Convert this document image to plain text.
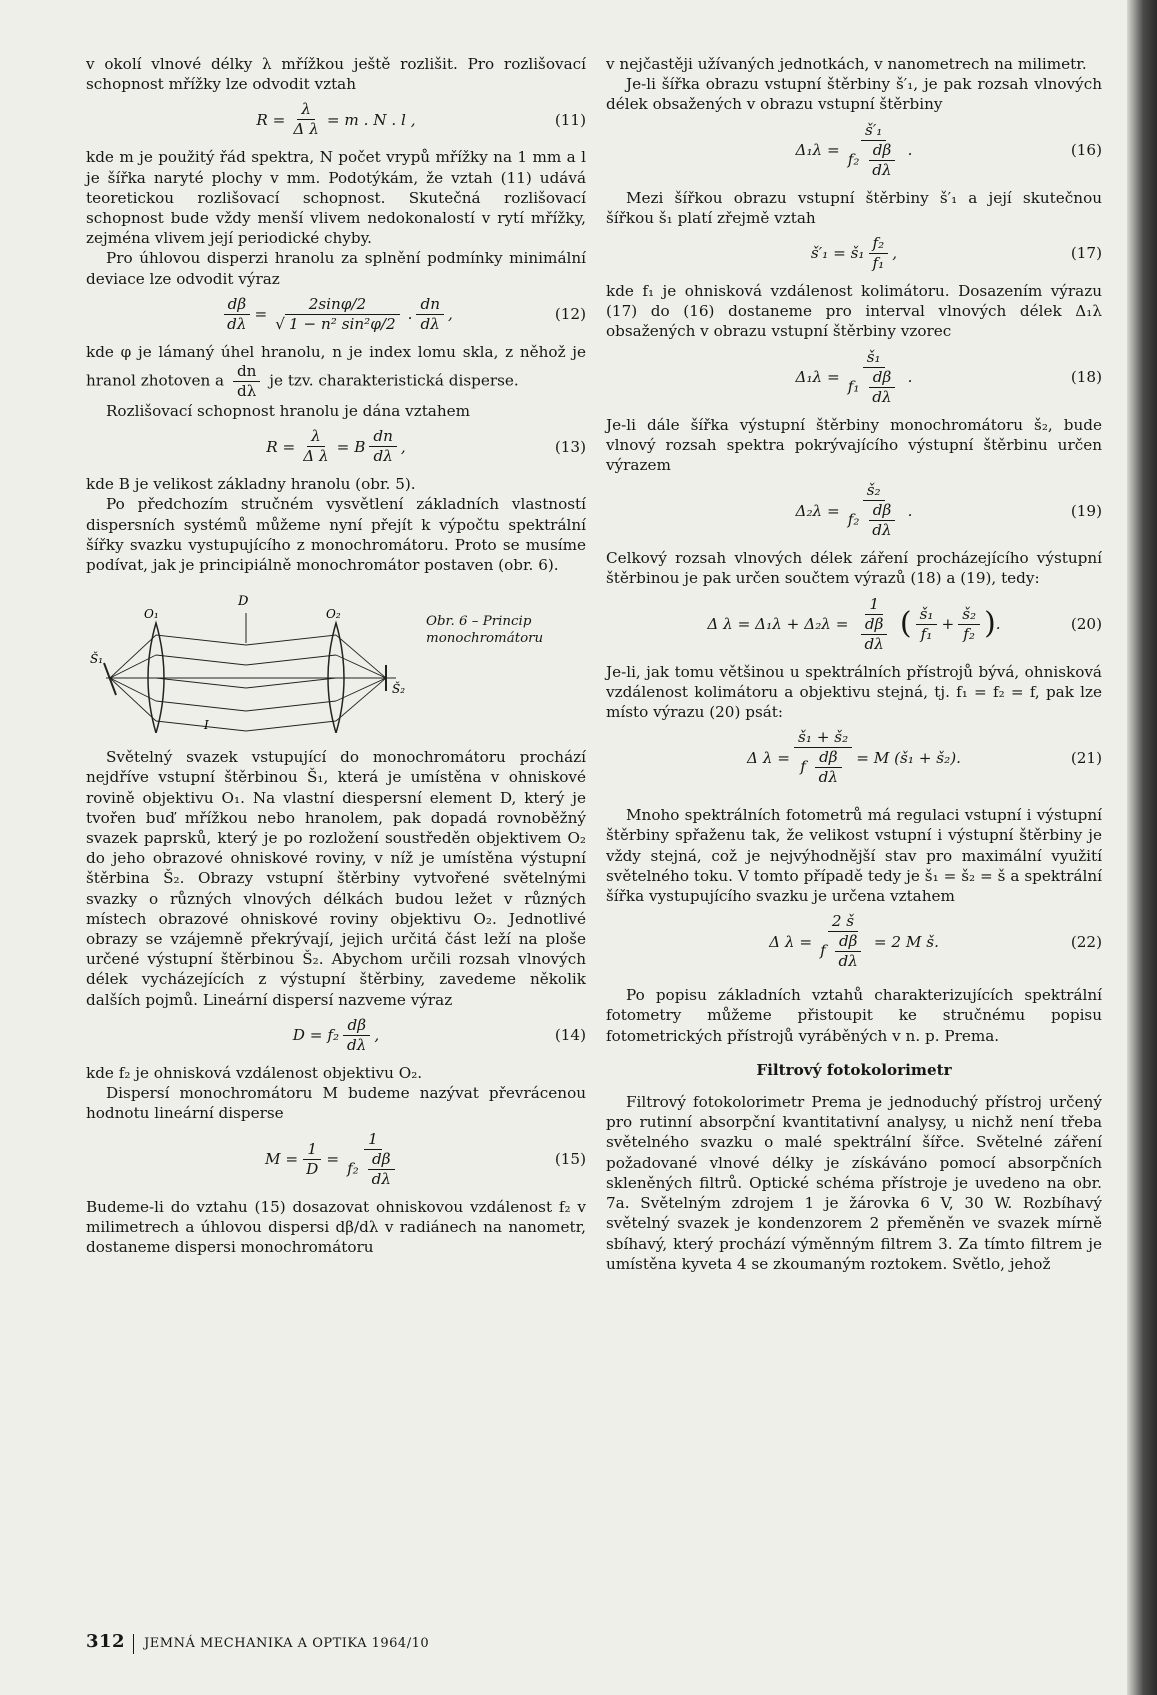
v okolí vlnové délky λ mřížkou ještě rozlišit. Pro rozlišovací schopnost mřížky lze odvodit vztah

$R = \frac{\lambda}{\text{Δ λ}} = m$ . N . l ,	(11)

kde m je použitý řád spektra, N počet vrypů mřížky na 1 mm a l je šířka naryté plochy v mm. Podotýkám, že vztah (11) udává teoretickou rozlišovací schopnost. Skutečná rozlišovací schopnost bude vždy menší vlivem nedokonalostí v rytí mřížky, zejména vlivem její periodické chyby.

Pro úhlovou disperzi hranolu za splnění podmínky minimální deviace lze odvodit výraz

$\frac{d\beta}{d\lambda} = \frac{2\sin\varphi/2}{\text{√ 1 − n² sin²φ/2}}$ . $\frac{dn}{d\lambda}$ ,	(12)

kde φ je lámaný úhel hranolu, n je index lomu skla, z něhož je hranol zhotoven a $\frac{dn}{d\lambda}$ je tzv. charakteristická disperse.

Rozlišovací schopnost hranolu je dána vztahem

$R = \frac{\lambda}{\text{Δ λ}} = B \frac{dn}{d\lambda}$ ,	(13)

kde B je velikost základny hranolu (obr. 5).

Po předchozím stručném vysvětlení základních vlastností dispersních systémů můžeme nyní přejít k výpočtu spektrální šířky svazku vystupujícího z monochromátoru. Proto se musíme podívat, jak je principiálně monochromátor postaven (obr. 6).

D
O₁	O₂
Š₁
Š₂
I
Obr. 6 – Princip monochromátoru

Světelný svazek vstupující do monochromátoru prochází nejdříve vstupní štěrbinou Š₁, která je umístěna v ohniskové rovině objektivu O₁. Na vlastní diespersní element D, který je tvořen buď mřížkou nebo hranolem, pak dopadá rovnoběžný svazek paprsků, který je po rozložení soustředěn objektivem O₂ do jeho obrazové ohniskové roviny, v níž je umístěna výstupní štěrbina Š₂. Obrazy vstupní štěrbiny vytvořené světelnými svazky o různých vlnových délkách budou ležet v různých místech obrazové ohniskové roviny objektivu O₂. Jednotlivé obrazy se vzájemně překrývají, jejich určitá část leží na ploše určené výstupní štěrbinou Š₂. Abychom určili rozsah vlnových délek vycházejících z výstupní štěrbiny, zavedeme několik dalších pojmů. Lineární dispersí nazveme výraz

$D = f_2 \frac{d\beta}{d\lambda}$ ,	(14)

kde f₂ je ohnisková vzdálenost objektivu O₂.

Dispersí monochromátoru M budeme nazývat převrácenou hodnotu lineární disperse

$M = \frac{1}{D} = \frac{1}{f_2 \frac{d\beta}{d\lambda}}$	(15)

Budeme-li do vztahu (15) dosazovat ohniskovou vzdálenost f₂ v milimetrech a úhlovou dispersi dβ/dλ v radiánech na nanometr, dostaneme dispersi monochromátoru

v nejčastěji užívaných jednotkách, v nanometrech na milimetr.

Je-li šířka obrazu vstupní štěrbiny š′₁, je pak rozsah vlnových délek obsažených v obrazu vstupní štěrbiny

$\Delta_1\lambda = \frac{\text{š′₁}}{f_2 \frac{d\beta}{d\lambda}}$ .	(16)

Mezi šířkou obrazu vstupní štěrbiny š′₁ a její skutečnou šířkou š₁ platí zřejmě vztah

š′₁ = š₁ $\frac{\text{f₂}}{\text{f₁}}$ ,	(17)

kde f₁ je ohnisková vzdálenost kolimátoru. Dosazením výrazu (17) do (16) dostaneme pro interval vlnových délek Δ₁λ obsažených v obrazu vstupní štěrbiny vzorec

$\Delta_1\lambda = \frac{\text{š₁}}{f_1 \frac{d\beta}{d\lambda}}$ .	(18)

Je-li dále šířka výstupní štěrbiny monochromátoru š₂, bude vlnový rozsah spektra pokrývajícího výstupní štěrbinu určen výrazem

$\Delta_2\lambda = \frac{\text{š₂}}{f_2 \frac{d\beta}{d\lambda}}$ .	(19)

Celkový rozsah vlnových délek záření procházejícího výstupní štěrbinou je pak určen součtem výrazů (18) a (19), tedy:

Δ $\lambda = \Delta_1\lambda + \Delta_2\lambda = \frac{1}{\frac{d\beta}{d\lambda}}$ ( $\frac{\text{š₁}}{\text{f₁}} + \frac{\text{š₂}}{\text{f₂}}$ ) .	(20)

Je-li, jak tomu většinou u spektrálních přístrojů bývá, ohnisková vzdálenost kolimátoru a objektivu stejná, tj. f₁ = f₂ = f, pak lze místo výrazu (20) psát:

Δ $\lambda = \frac{\text{š₁ + š₂}}{f \frac{d\beta}{d\lambda}} = M$ (š₁ + š₂).	(21)

Mnoho spektrálních fotometrů má regulaci vstupní i výstupní štěrbiny spřaženu tak, že velikost vstupní i výstupní štěrbiny je vždy stejná, což je nejvýhodnější stav pro maximální využití světelného toku. V tomto případě tedy je š₁ = š₂ = š a spektrální šířka vystupujícího svazku je určena vztahem

Δ $\lambda = \frac{2 š}{f \frac{d\beta}{d\lambda}} = 2$ M š.	(22)

Po popisu základních vztahů charakterizujících spektrální fotometry můžeme přistoupit ke stručnému popisu fotometrických přístrojů vyráběných v n. p. Prema.

Filtrový fotokolorimetr

Filtrový fotokolorimetr Prema je jednoduchý přístroj určený pro rutinní absorpční kvantitativní analysy, u nichž není třeba světelného svazku o malé spektrální šířce. Světelné záření požadované vlnové délky je získáváno pomocí absorpčních skleněných filtrů. Optické schéma přístroje je uvedeno na obr. 7a. Světelným zdrojem 1 je žárovka 6 V, 30 W. Rozbíhavý světelný svazek je kondenzorem 2 přeměněn ve svazek mírně sbíhavý, který prochází výměnným filtrem 3. Za tímto filtrem je umístěna kyveta 4 se zkoumaným roztokem. Světlo, jehož

312 JEMNÁ MECHANIKA A OPTIKA 1964/10
